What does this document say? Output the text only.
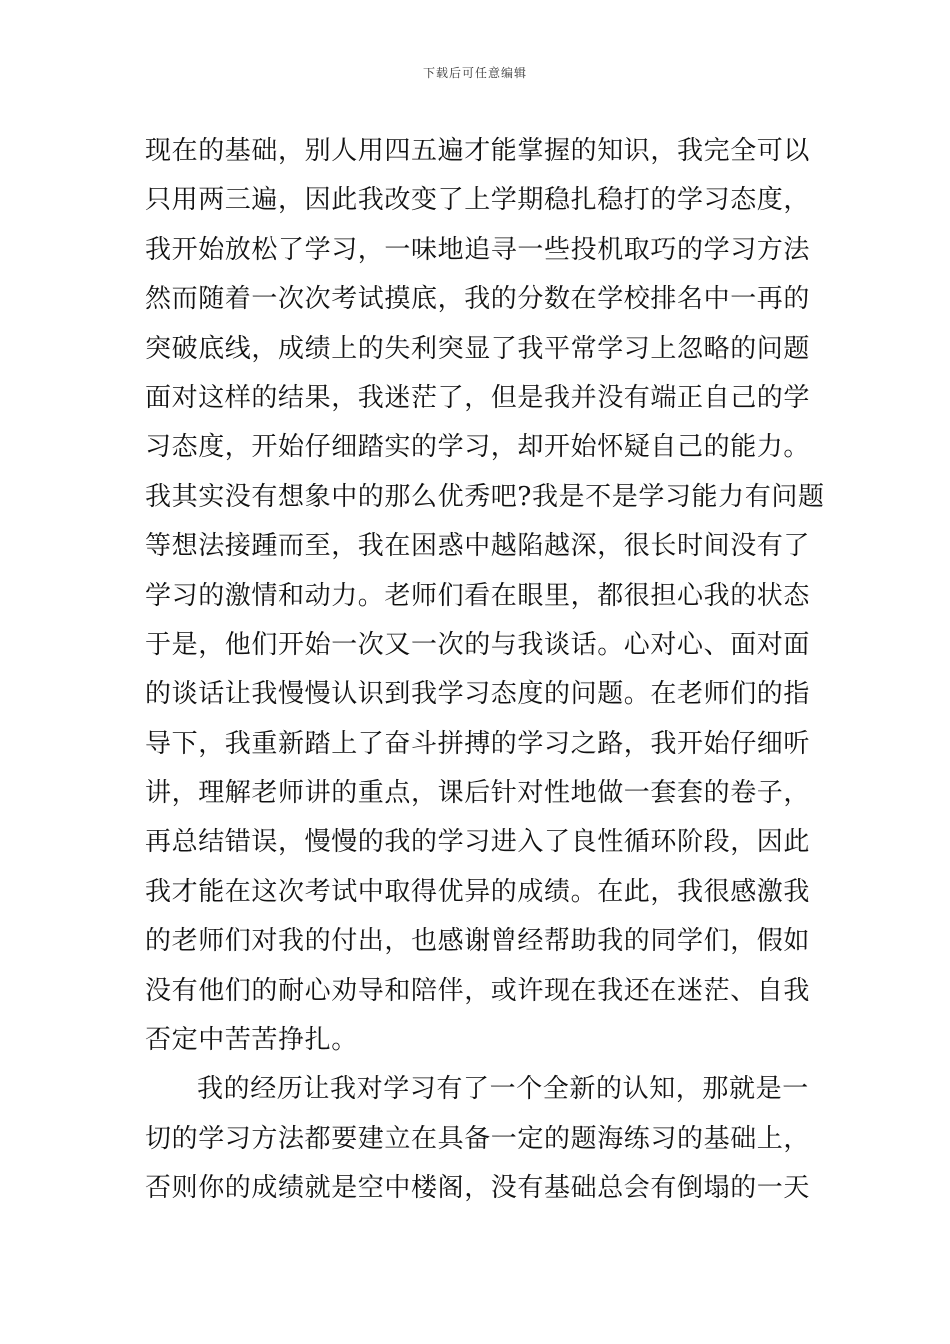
下载后可任意编辑
现在的基础，别人用四五遍才能掌握的知识，我完全可以
只用两三遍，因此我改变了上学期稳扎稳打的学习态度，
我开始放松了学习，一味地追寻一些投机取巧的学习方法
然而随着一次次考试摸底，我的分数在学校排名中一再的
突破底线，成绩上的失利突显了我平常学习上忽略的问题
面对这样的结果，我迷茫了，但是我并没有端正自己的学
习态度，开始仔细踏实的学习，却开始怀疑自己的能力。
我其实没有想象中的那么优秀吧?我是不是学习能力有问题
等想法接踵而至，我在困惑中越陷越深，很长时间没有了
学习的激情和动力。老师们看在眼里，都很担心我的状态
于是，他们开始一次又一次的与我谈话。心对心、面对面
的谈话让我慢慢认识到我学习态度的问题。在老师们的指
导下，我重新踏上了奋斗拼搏的学习之路，我开始仔细听
讲，理解老师讲的重点，课后针对性地做一套套的卷子，
再总结错误，慢慢的我的学习进入了良性循环阶段，因此
我才能在这次考试中取得优异的成绩。在此，我很感激我
的老师们对我的付出，也感谢曾经帮助我的同学们，假如
没有他们的耐心劝导和陪伴，或许现在我还在迷茫、自我
否定中苦苦挣扎。
我的经历让我对学习有了一个全新的认知，那就是一
切的学习方法都要建立在具备一定的题海练习的基础上，
否则你的成绩就是空中楼阁，没有基础总会有倒塌的一天
